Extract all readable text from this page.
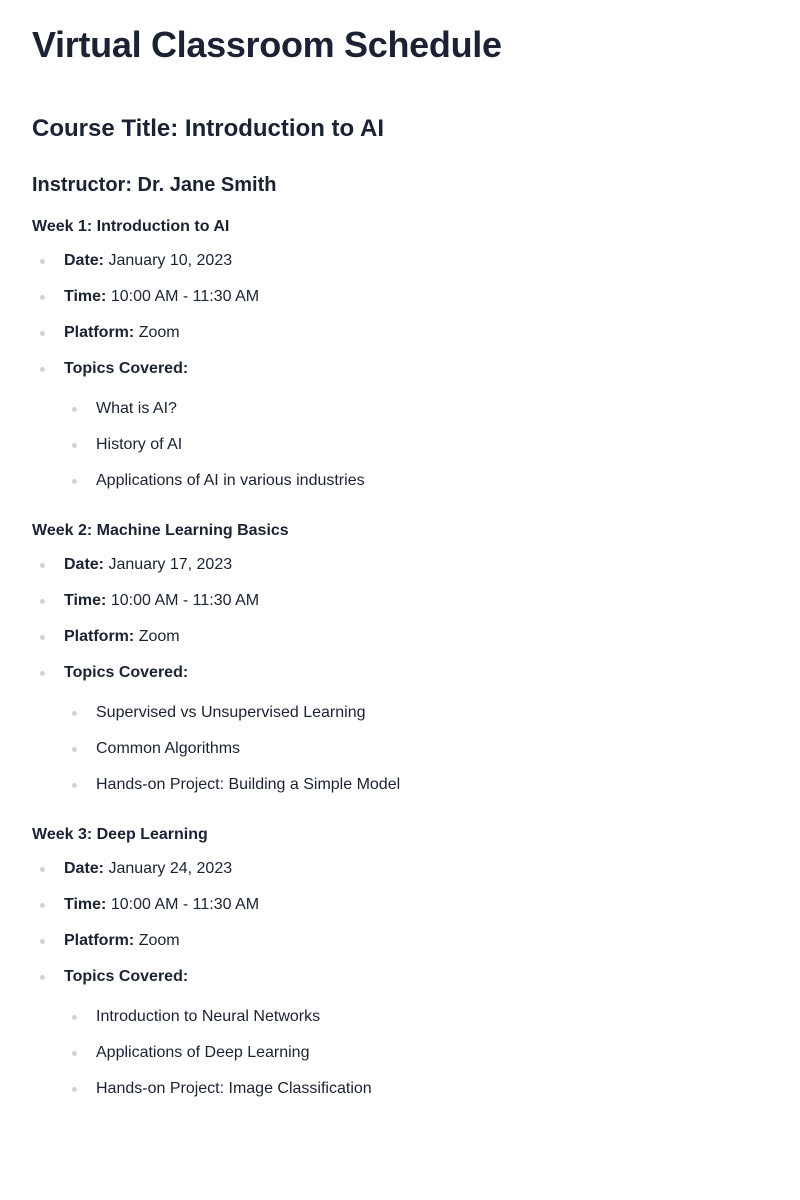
Virtual Classroom Schedule
Course Title: Introduction to AI
Instructor: Dr. Jane Smith
Week 1: Introduction to AI
Date: January 10, 2023
Time: 10:00 AM - 11:30 AM
Platform: Zoom
Topics Covered:
What is AI?
History of AI
Applications of AI in various industries
Week 2: Machine Learning Basics
Date: January 17, 2023
Time: 10:00 AM - 11:30 AM
Platform: Zoom
Topics Covered:
Supervised vs Unsupervised Learning
Common Algorithms
Hands-on Project: Building a Simple Model
Week 3: Deep Learning
Date: January 24, 2023
Time: 10:00 AM - 11:30 AM
Platform: Zoom
Topics Covered:
Introduction to Neural Networks
Applications of Deep Learning
Hands-on Project: Image Classification
